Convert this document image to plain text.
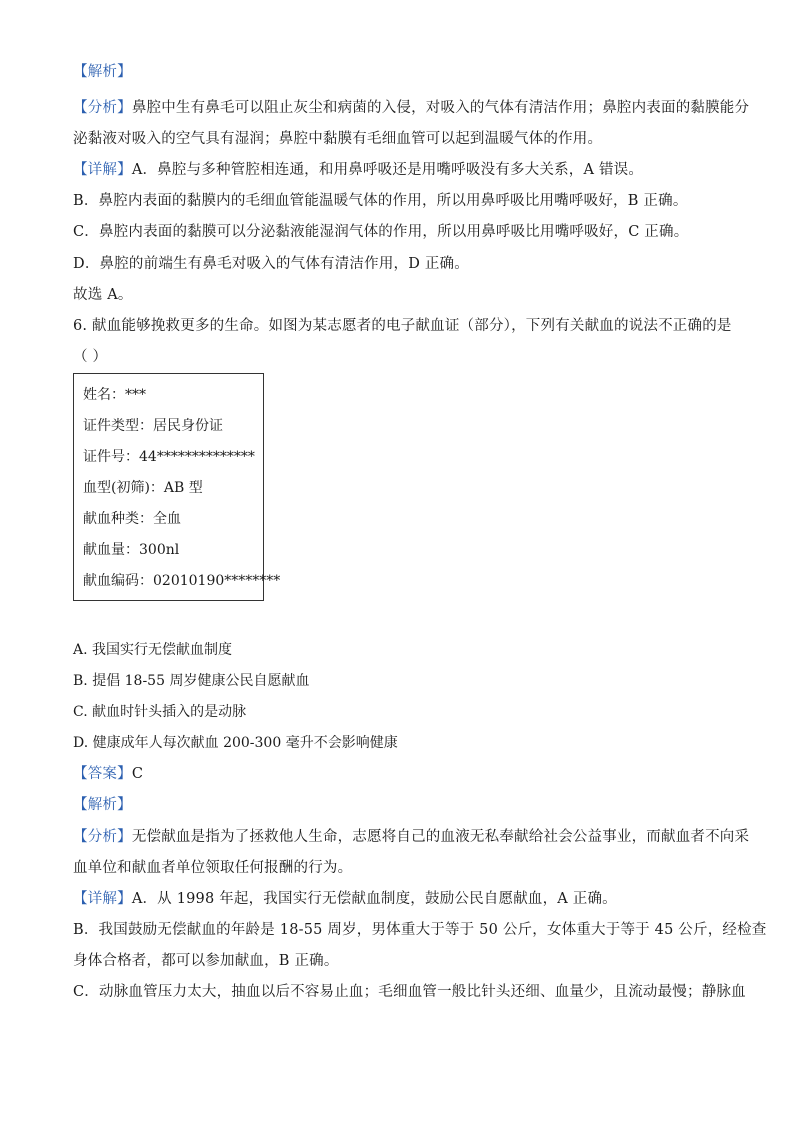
【解析】
【分析】鼻腔中生有鼻毛可以阻止灰尘和病菌的入侵，对吸入的气体有清洁作用；鼻腔内表面的黏膜能分
泌黏液对吸入的空气具有湿润；鼻腔中黏膜有毛细血管可以起到温暖气体的作用。
【详解】A．鼻腔与多种管腔相连通，和用鼻呼吸还是用嘴呼吸没有多大关系，A 错误。
B．鼻腔内表面的黏膜内的毛细血管能温暖气体的作用，所以用鼻呼吸比用嘴呼吸好，B 正确。
C．鼻腔内表面的黏膜可以分泌黏液能湿润气体的作用，所以用鼻呼吸比用嘴呼吸好，C 正确。
D．鼻腔的前端生有鼻毛对吸入的气体有清洁作用，D 正确。
故选 A。
6. 献血能够挽救更多的生命。如图为某志愿者的电子献血证（部分），下列有关献血的说法不正确的是
（ ）
姓名：***
证件类型：居民身份证
证件号：44**************
血型(初筛)：AB 型
献血种类：全血
献血量：300nl
献血编码：02010190********
A. 我国实行无偿献血制度
B. 提倡 18-55 周岁健康公民自愿献血
C. 献血时针头插入的是动脉
D. 健康成年人每次献血 200-300 毫升不会影响健康
【答案】C
【解析】
【分析】无偿献血是指为了拯救他人生命，志愿将自己的血液无私奉献给社会公益事业，而献血者不向采
血单位和献血者单位领取任何报酬的行为。
【详解】A．从 1998 年起，我国实行无偿献血制度，鼓励公民自愿献血，A 正确。
B．我国鼓励无偿献血的年龄是 18-55 周岁，男体重大于等于 50 公斤，女体重大于等于 45 公斤，经检查
身体合格者，都可以参加献血，B 正确。
C．动脉血管压力太大，抽血以后不容易止血；毛细血管一般比针头还细、血量少，且流动最慢；静脉血
